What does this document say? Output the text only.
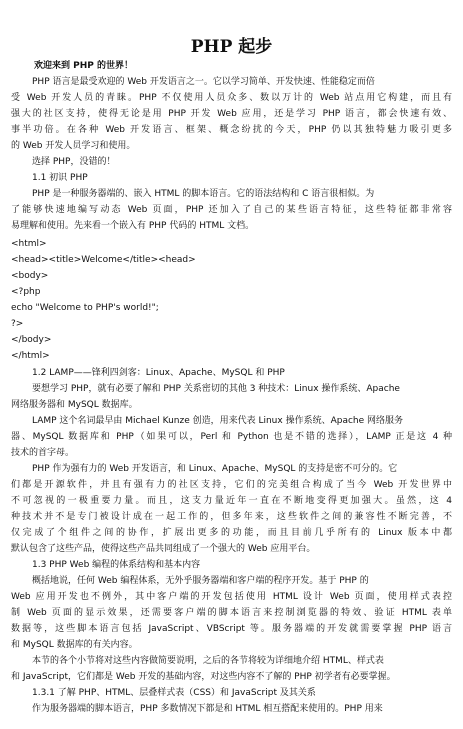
PHP 起步
欢迎来到 PHP 的世界！
PHP 语言是最受欢迎的 Web 开发语言之一。它以学习简单、开发快速、性能稳定而倍
受 Web 开发人员的青睐。PHP 不仅使用人员众多、数以万计的 Web 站点用它构建，而且有
强大的社区支持，使得无论是用 PHP 开发 Web 应用，还是学习 PHP 语言，都会快速有效、
事半功倍。在各种 Web 开发语言、框架、概念纷扰的今天，PHP 仍以其独特魅力吸引更多
的 Web 开发人员学习和使用。
选择 PHP，没错的！
1.1 初识 PHP
PHP 是一种服务器端的、嵌入 HTML 的脚本语言。它的语法结构和 C 语言很相似。为
了能够快速地编写动态 Web 页面，PHP 还加入了自己的某些语言特征，这些特征都非常容
易理解和使用。先来看一个嵌入有 PHP 代码的 HTML 文档。
<html>
<head><title>Welcome</title><head>
<body>
<?php
echo "Welcome to PHP's world!";
?>
</body>
</html>
1.2 LAMP——锋利四剑客：Linux、Apache、MySQL 和 PHP
要想学习 PHP，就有必要了解和 PHP 关系密切的其他 3 种技术：Linux 操作系统、Apache
网络服务器和 MySQL 数据库。
LAMP 这个名词最早由 Michael Kunze 创造，用来代表 Linux 操作系统、Apache 网络服务
器、MySQL 数据库和 PHP（如果可以，Perl 和 Python 也是不错的选择），LAMP 正是这 4 种
技术的首字母。
PHP 作为强有力的 Web 开发语言，和 Linux、Apache、MySQL 的支持是密不可分的。它
们都是开源软件，并且有强有力的社区支持，它们的完美组合构成了当今 Web 开发世界中
不可忽视的一极重要力量。而且，这支力量近年一直在不断地变得更加强大。虽然，这 4
种技术并不是专门被设计成在一起工作的，但多年来，这些软件之间的兼容性不断完善，不
仅完成了个组件之间的协作，扩展出更多的功能，而且目前几乎所有的 Linux 版本中都
默认包含了这些产品，使得这些产品共同组成了一个强大的 Web 应用平台。
1.3 PHP Web 编程的体系结构和基本内容
概括地说，任何 Web 编程体系，无外乎服务器端和客户端的程序开发。基于 PHP 的
Web 应用开发也不例外，其中客户端的开发包括使用 HTML 设计 Web 页面，使用样式表控
制 Web 页面的显示效果，还需要客户端的脚本语言来控制浏览器的特效、验证 HTML 表单
数据等，这些脚本语言包括 JavaScript、VBScript 等。服务器端的开发就需要掌握 PHP 语言
和 MySQL 数据库的有关内容。
本节的各个小节将对这些内容做简要说明，之后的各节将较为详细地介绍 HTML、样式表
和 JavaScript，它们都是 Web 开发的基础内容，对这些内容不了解的 PHP 初学者有必要掌握。
1.3.1 了解 PHP、HTML、层叠样式表（CSS）和 JavaScript 及其关系
作为服务器端的脚本语言，PHP 多数情况下都是和 HTML 相互搭配来使用的。PHP 用来
